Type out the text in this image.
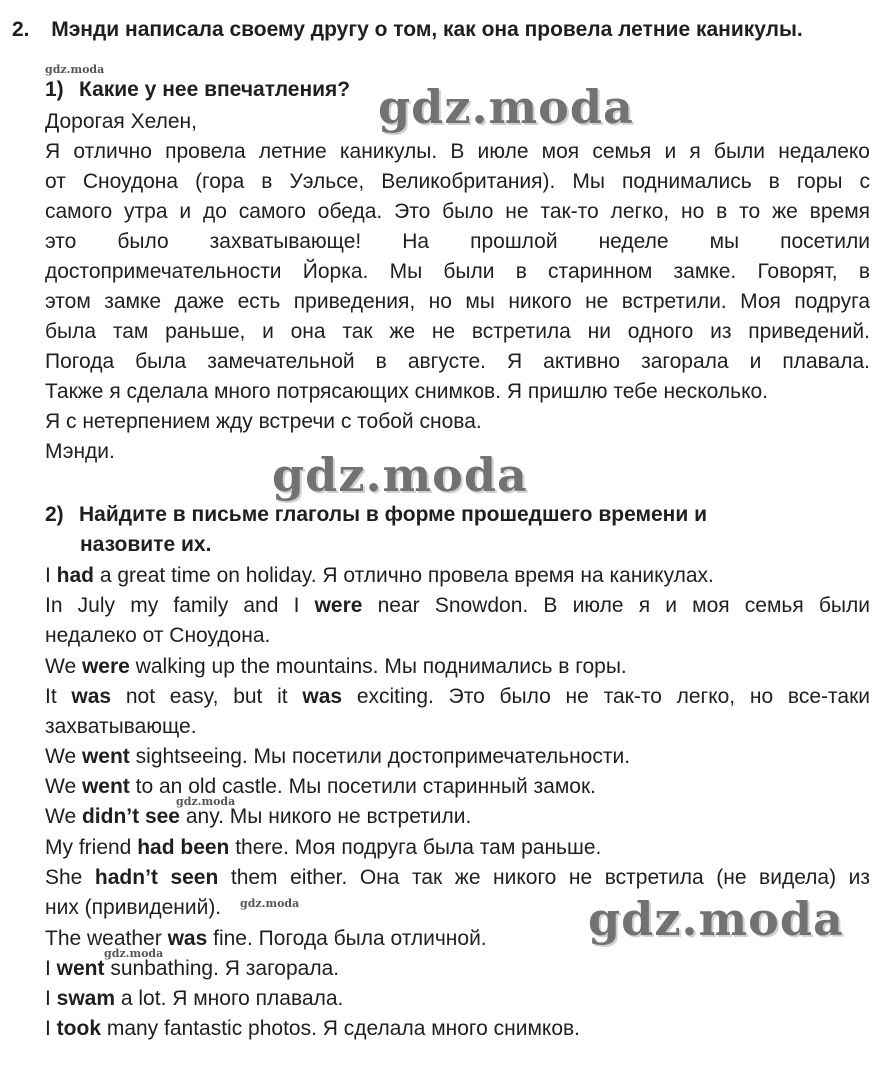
2. Мэнди написала своему другу о том, как она провела летние каникулы.
1) Какие у нее впечатления?
Дорогая Хелен,
Я отлично провела летние каникулы. В июле моя семья и я были недалеко
от Сноудона (гора в Уэльсе, Великобритания). Мы поднимались в горы с
самого утра и до самого обеда. Это было не так-то легко, но в то же время
это было захватывающе! На прошлой неделе мы посетили
достопримечательности Йорка. Мы были в старинном замке. Говорят, в
этом замке даже есть приведения, но мы никого не встретили. Моя подруга
была там раньше, и она так же не встретила ни одного из приведений.
Погода была замечательной в августе. Я активно загорала и плавала.
Также я сделала много потрясающих снимков. Я пришлю тебе несколько.
Я с нетерпением жду встречи с тобой снова.
Мэнди.
2) Найдите в письме глаголы в форме прошедшего времени и
назовите их.
I had a great time on holiday. Я отлично провела время на каникулах.
In July my family and I were near Snowdon. В июле я и моя семья были
недалеко от Сноудона.
We were walking up the mountains. Мы поднимались в горы.
It was not easy, but it was exciting. Это было не так-то легко, но все-таки
захватывающе.
We went sightseeing. Мы посетили достопримечательности.
We went to an old castle. Мы посетили старинный замок.
We didn’t see any. Мы никого не встретили.
My friend had been there. Моя подруга была там раньше.
She hadn’t seen them either. Она так же никого не встретила (не видела) из
них (привидений).
The weather was fine. Погода была отличной.
I went sunbathing. Я загорала.
I swam a lot. Я много плавала.
I took many fantastic photos. Я сделала много снимков.
gdz.moda
gdz.moda
gdz.moda
gdz.moda
gdz.moda	gdz.moda
gdz.moda
